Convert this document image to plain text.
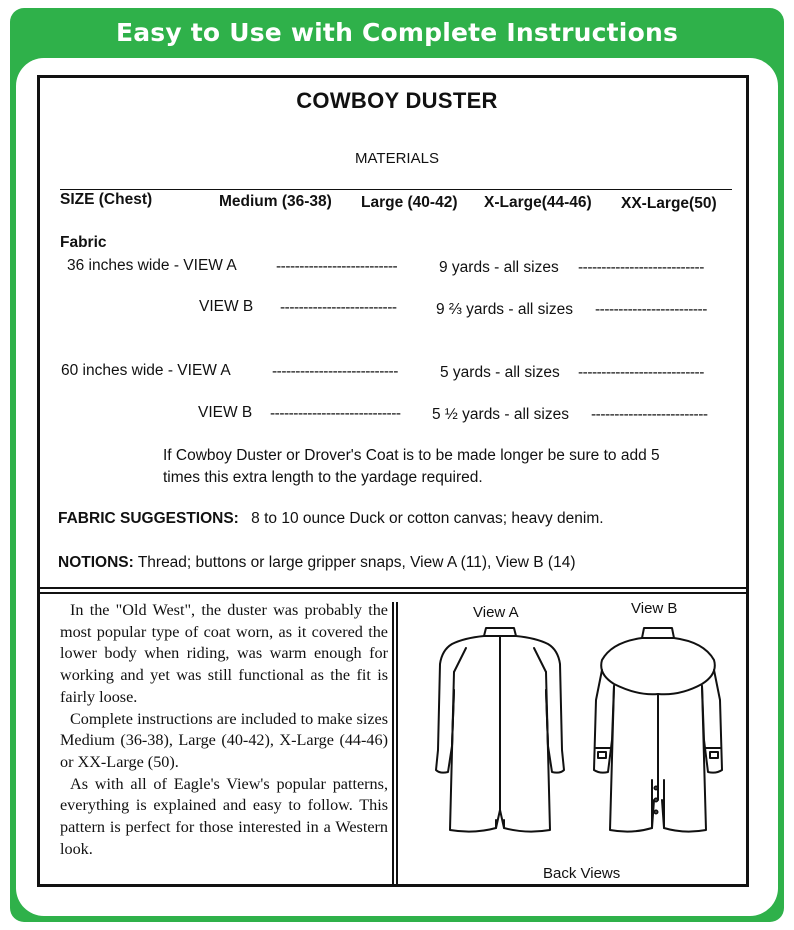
Easy to Use with Complete Instructions
COWBOY DUSTER
MATERIALS
SIZE (Chest)	Medium (36-38) Large (40-42) X-Large(44-46) XX-Large(50)
Fabric
36 inches wide - VIEW A	--------------------------	9 yards - all sizes ---------------------------
VIEW B -------------------------	9 ⅔ yards - all sizes ------------------------
60 inches wide - VIEW A	---------------------------	5 yards - all sizes ---------------------------
VIEW B ---------------------------- 5 ½ yards - all sizes -------------------------
If Cowboy Duster or Drover's Coat is to be made longer be sure to add 5
times this extra length to the yardage required.
FABRIC SUGGESTIONS: 8 to 10 ounce Duck or cotton canvas; heavy denim.
NOTIONS: Thread; buttons or large gripper snaps, View A (11), View B (14)

In the "Old West", the duster was probably the most popular type of coat worn, as it covered the lower body when riding, was warm enough for working and yet was still functional as the fit is fairly loose.

Complete instructions are included to make sizes Medium (36-38), Large (40-42), X-Large (44-46) or XX-Large (50).

As with all of Eagle's View's popular patterns, everything is explained and easy to follow. This pattern is perfect for those interested in a Western look.

View A	View B
Back Views
